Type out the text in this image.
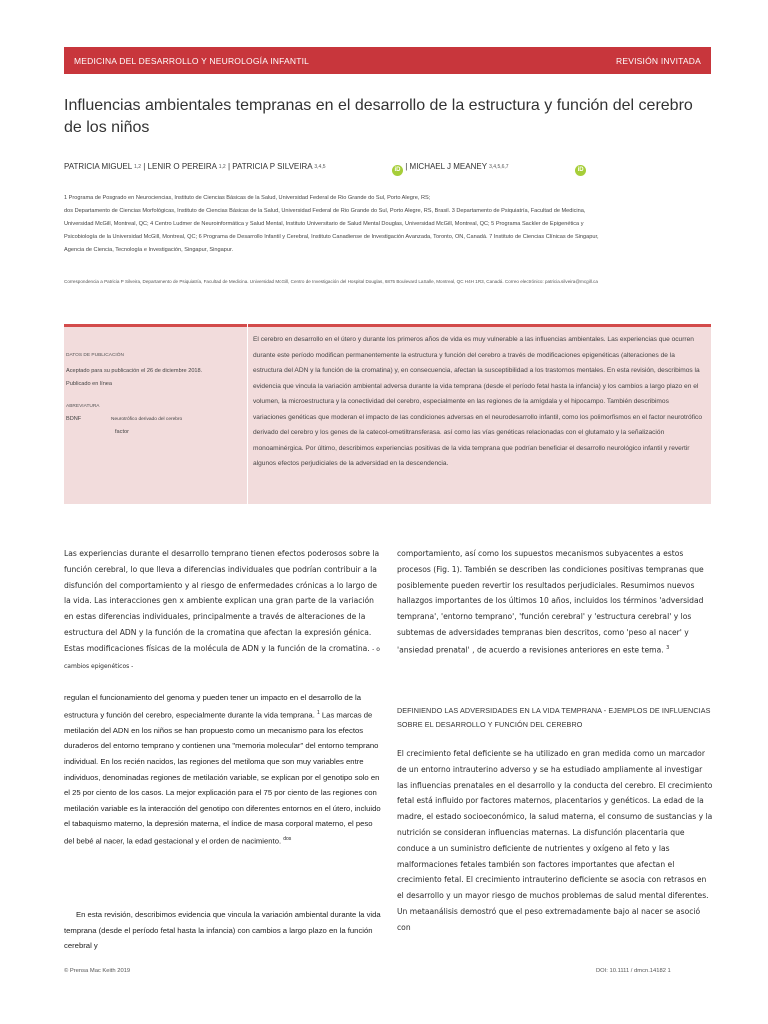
MEDICINA DEL DESARROLLO Y NEUROLOGÍA INFANTIL	REVISIÓN INVITADA
Influencias ambientales tempranas en el desarrollo de la estructura y función del cerebro de los niños
PATRICIA MIGUEL $^{1,2}$ | LENIR O PEREIRA $^{1,2}$ | PATRICIA P SILVEIRA $^{3,4,5}$	iD | MICHAEL J MEANEY $^{3,4,5,6,7}$	iD
1 Programa de Posgrado en Neurociencias, Instituto de Ciencias Básicas de la Salud, Universidad Federal de Rio Grande do Sul, Porto Alegre, RS;
dos Departamento de Ciencias Morfológicas, Instituto de Ciencias Básicas de la Salud, Universidad Federal de Rio Grande do Sul, Porto Alegre, RS, Brasil. 3 Departamento de Psiquiatría, Facultad de Medicina,
Universidad McGill, Montreal, QC; 4 Centro Ludmer de Neuroinformática y Salud Mental, Instituto Universitario de Salud Mental Douglas, Universidad McGill, Montreal, QC; 5 Programa Sackler de Epigenética y
Psicobiología de la Universidad McGill, Montreal, QC; 6 Programa de Desarrollo Infantil y Cerebral, Instituto Canadiense de Investigación Avanzada, Toronto, ON, Canadá. 7 Instituto de Ciencias Clínicas de Singapur,
Agencia de Ciencia, Tecnología e Investigación, Singapur, Singapur.
Correspondencia a Patricia P Silveira, Departamento de Psiquiatría, Facultad de Medicina. Universidad McGill, Centro de Investigación del Hospital Douglas, 6875 Boulevard LaSalle, Montreal, QC H4H 1R3, Canadá. Correo electrónico: patricia.silveira@mcgill.ca
DATOS DE PUBLICACIÓN
Aceptado para su publicación el 26 de diciembre 2018.
Publicado en línea
ABREVIATURA
BDNF	Neurotrófico derivado del cerebro
factor
El cerebro en desarrollo en el útero y durante los primeros años de vida es muy vulnerable a las influencias ambientales. Las experiencias que ocurren durante este período modifican permanentemente la estructura y función del cerebro a través de modificaciones epigenéticas (alteraciones de la estructura del ADN y la función de la cromatina) y, en consecuencia, afectan la susceptibilidad a los trastornos mentales. En esta revisión, describimos la evidencia que vincula la variación ambiental adversa durante la vida temprana (desde el período fetal hasta la infancia) y los cambios a largo plazo en el volumen, la microestructura y la conectividad del cerebro, especialmente en las regiones de la amígdala y el hipocampo. También describimos variaciones genéticas que moderan el impacto de las condiciones adversas en el neurodesarrollo infantil, como los polimorfismos en el factor neurotrófico derivado del cerebro y los genes de la catecol-ometiltransferasa. así como las vías genéticas relacionadas con el glutamato y la señalización monoaminérgica. Por último, describimos experiencias positivas de la vida temprana que podrían beneficiar el desarrollo neurológico infantil y revertir algunos efectos perjudiciales de la adversidad en la descendencia.
Las experiencias durante el desarrollo temprano tienen efectos poderosos sobre la función cerebral, lo que lleva a diferencias individuales que podrían contribuir a la disfunción del comportamiento y al riesgo de enfermedades crónicas a lo largo de la vida. Las interacciones gen x ambiente explican una gran parte de la variación en estas diferencias individuales, principalmente a través de alteraciones de la estructura del ADN y la función de la cromatina que afectan la expresión génica. Estas modificaciones físicas de la molécula de ADN y la función de la cromatina. - o cambios epigenéticos -
regulan el funcionamiento del genoma y pueden tener un impacto en el desarrollo de la estructura y función del cerebro, especialmente durante la vida temprana. $^1$ Las marcas de metilación del ADN en los niños se han propuesto como un mecanismo para los efectos duraderos del entorno temprano y contienen una "memoria molecular" del entorno temprano individual. En los recién nacidos, las regiones del metiloma que son muy variables entre individuos, denominadas regiones de metilación variable, se explican por el genotipo solo en el 25 por ciento de los casos. La mejor explicación para el 75 por ciento de las regiones con metilación variable es la interacción del genotipo con diferentes entornos en el útero, incluido el tabaquismo materno, la depresión materna, el índice de masa corporal materno, el peso del bebé al nacer, la edad gestacional y el orden de nacimiento. $^{dos}$
En esta revisión, describimos evidencia que vincula la variación ambiental durante la vida temprana (desde el período fetal hasta la infancia) con cambios a largo plazo en la función cerebral y
comportamiento, así como los supuestos mecanismos subyacentes a estos procesos (Fig. 1). También se describen las condiciones positivas tempranas que posiblemente pueden revertir los resultados perjudiciales. Resumimos nuevos hallazgos importantes de los últimos 10 años, incluidos los términos 'adversidad temprana', 'entorno temprano', 'función cerebral' y 'estructura cerebral' y los subtemas de adversidades tempranas bien descritos, como 'peso al nacer' y 'ansiedad prenatal' , de acuerdo a revisiones anteriores en este tema. $^3$
DEFINIENDO LAS ADVERSIDADES EN LA VIDA TEMPRANA - EJEMPLOS DE INFLUENCIAS SOBRE EL DESARROLLO Y FUNCIÓN DEL CEREBRO
El crecimiento fetal deficiente se ha utilizado en gran medida como un marcador de un entorno intrauterino adverso y se ha estudiado ampliamente al investigar las influencias prenatales en el desarrollo y la conducta del cerebro. El crecimiento fetal está influido por factores maternos, placentarios y genéticos. La edad de la madre, el estado socioeconómico, la salud materna, el consumo de sustancias y la nutrición se consideran influencias maternas. La disfunción placentaria que conduce a un suministro deficiente de nutrientes y oxígeno al feto y las malformaciones fetales también son factores importantes que afectan el crecimiento fetal. El crecimiento intrauterino deficiente se asocia con retrasos en el desarrollo y un mayor riesgo de muchos problemas de salud mental diferentes. Un metaanálisis demostró que el peso extremadamente bajo al nacer se asoció con
© Prensa Mac Keith 2019	DOI: 10.1111 / dmcn.14182 1
